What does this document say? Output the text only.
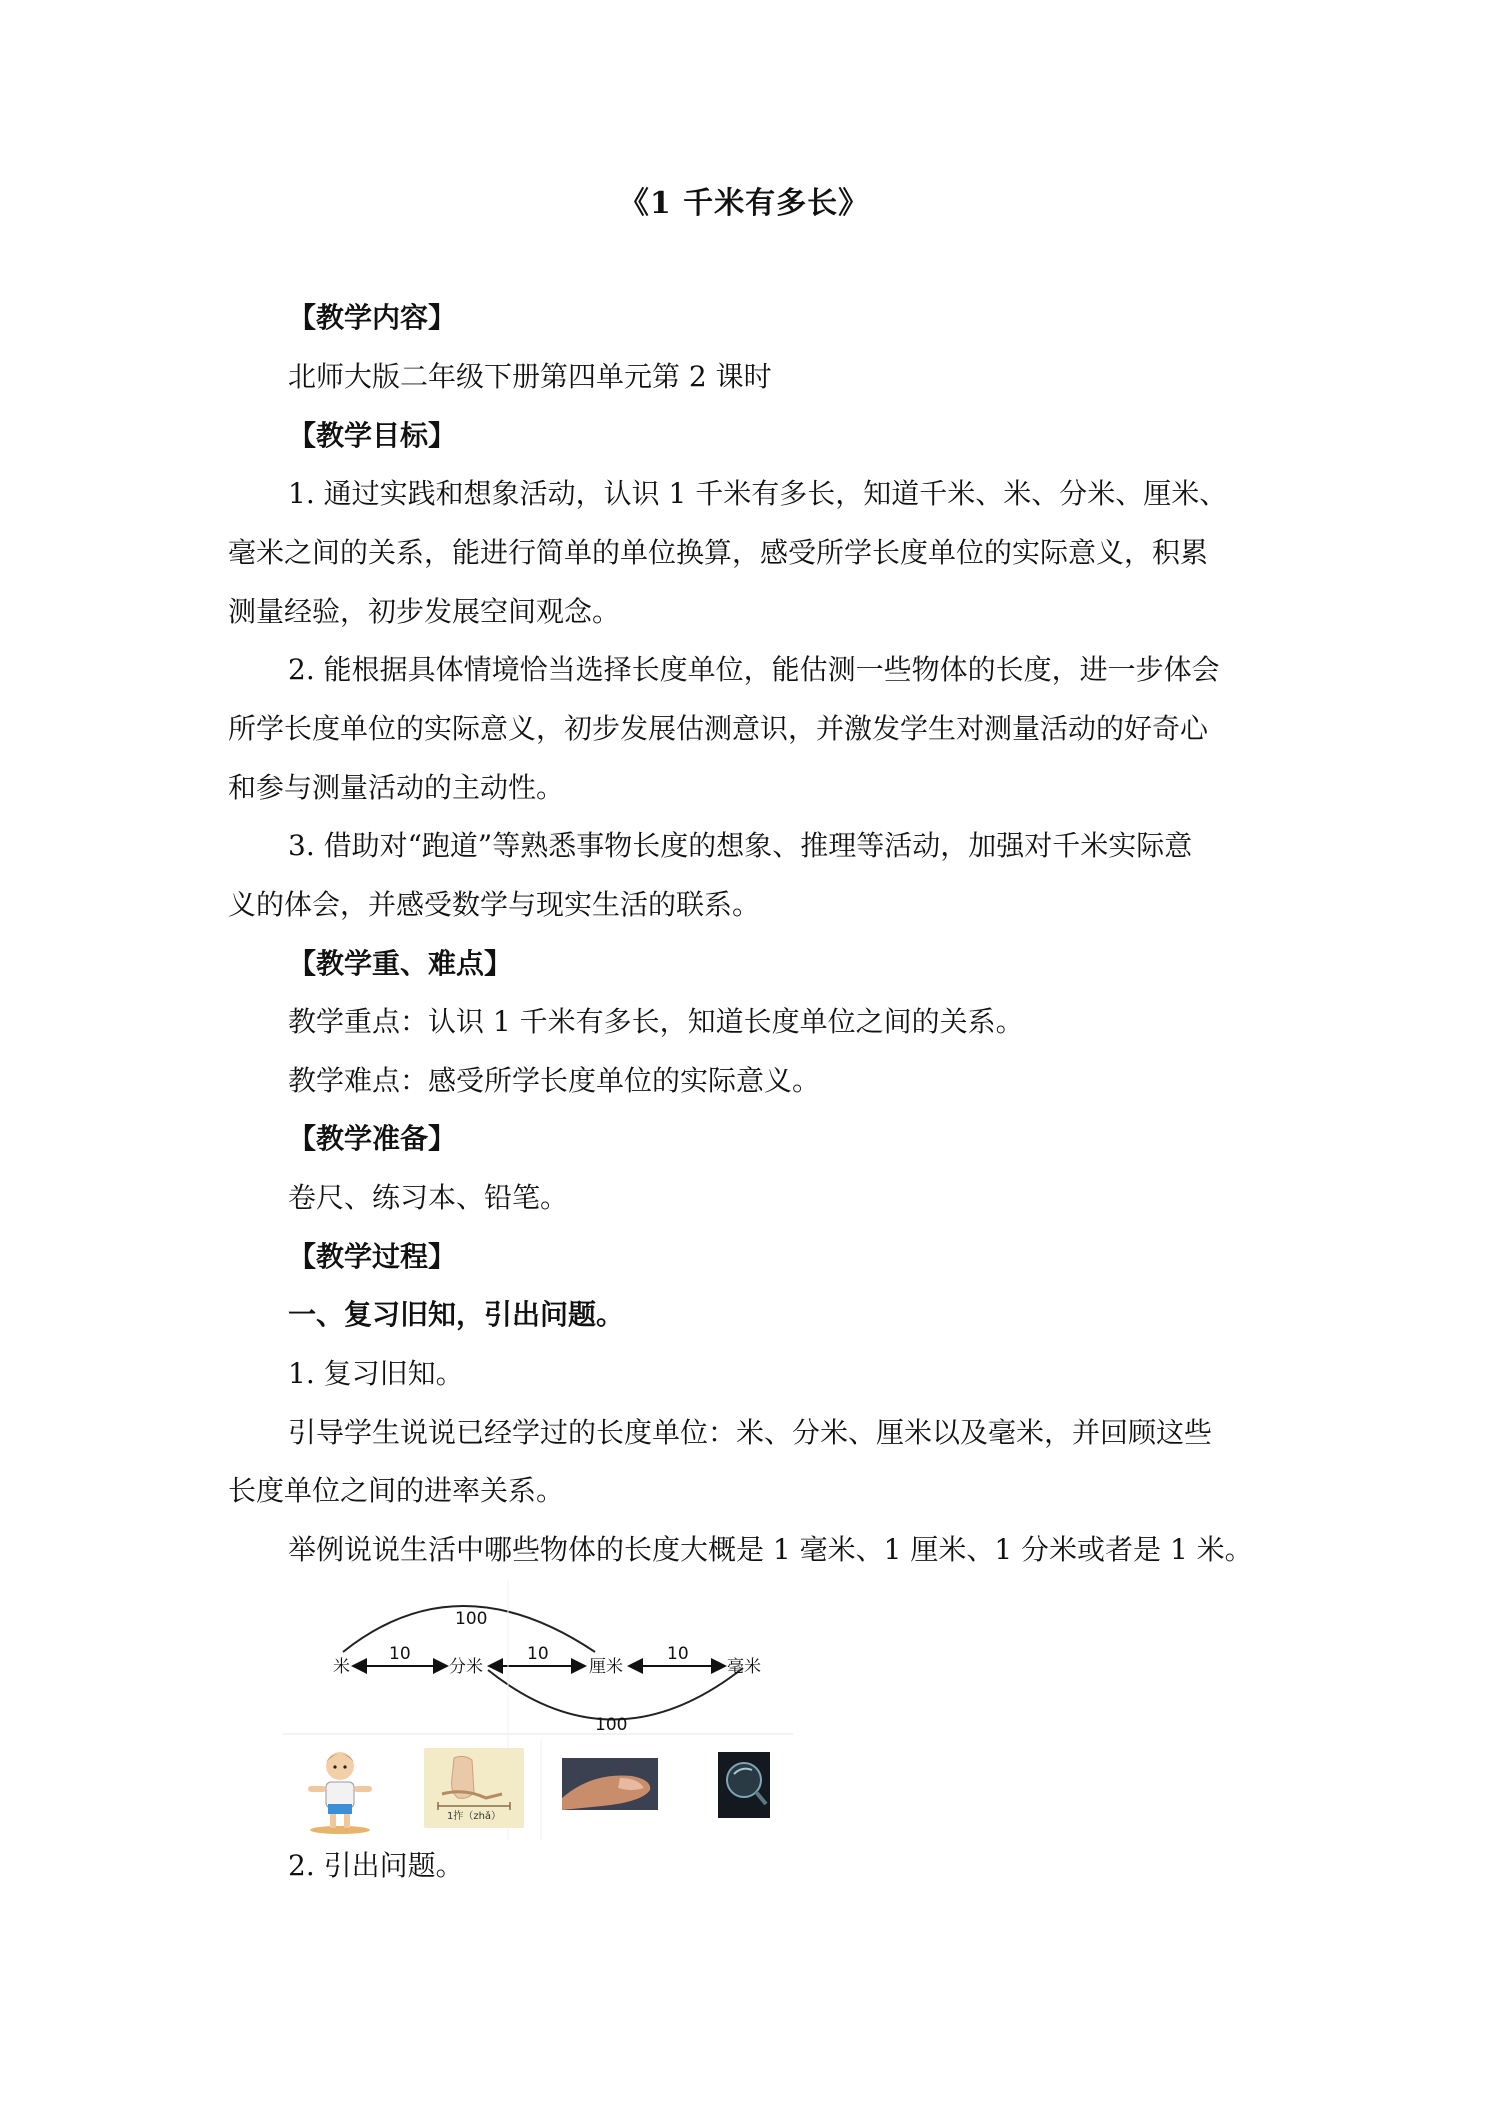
《1 千米有多长》
【教学内容】
北师大版二年级下册第四单元第 2 课时
【教学目标】
1. 通过实践和想象活动，认识 1 千米有多长，知道千米、米、分米、厘米、
毫米之间的关系，能进行简单的单位换算，感受所学长度单位的实际意义，积累
测量经验，初步发展空间观念。
2. 能根据具体情境恰当选择长度单位，能估测一些物体的长度，进一步体会
所学长度单位的实际意义，初步发展估测意识，并激发学生对测量活动的好奇心
和参与测量活动的主动性。
3. 借助对“跑道”等熟悉事物长度的想象、推理等活动，加强对千米实际意
义的体会，并感受数学与现实生活的联系。
【教学重、难点】
教学重点：认识 1 千米有多长，知道长度单位之间的关系。
教学难点：感受所学长度单位的实际意义。
【教学准备】
卷尺、练习本、铅笔。
【教学过程】
一、复习旧知，引出问题。
1. 复习旧知。
引导学生说说已经学过的长度单位：米、分米、厘米以及毫米，并回顾这些
长度单位之间的进率关系。
举例说说生活中哪些物体的长度大概是 1 毫米、1 厘米、1 分米或者是 1 米。
米	分米	厘米	毫米
10	10	10
100
100
1拃（zhǎ）
2. 引出问题。
